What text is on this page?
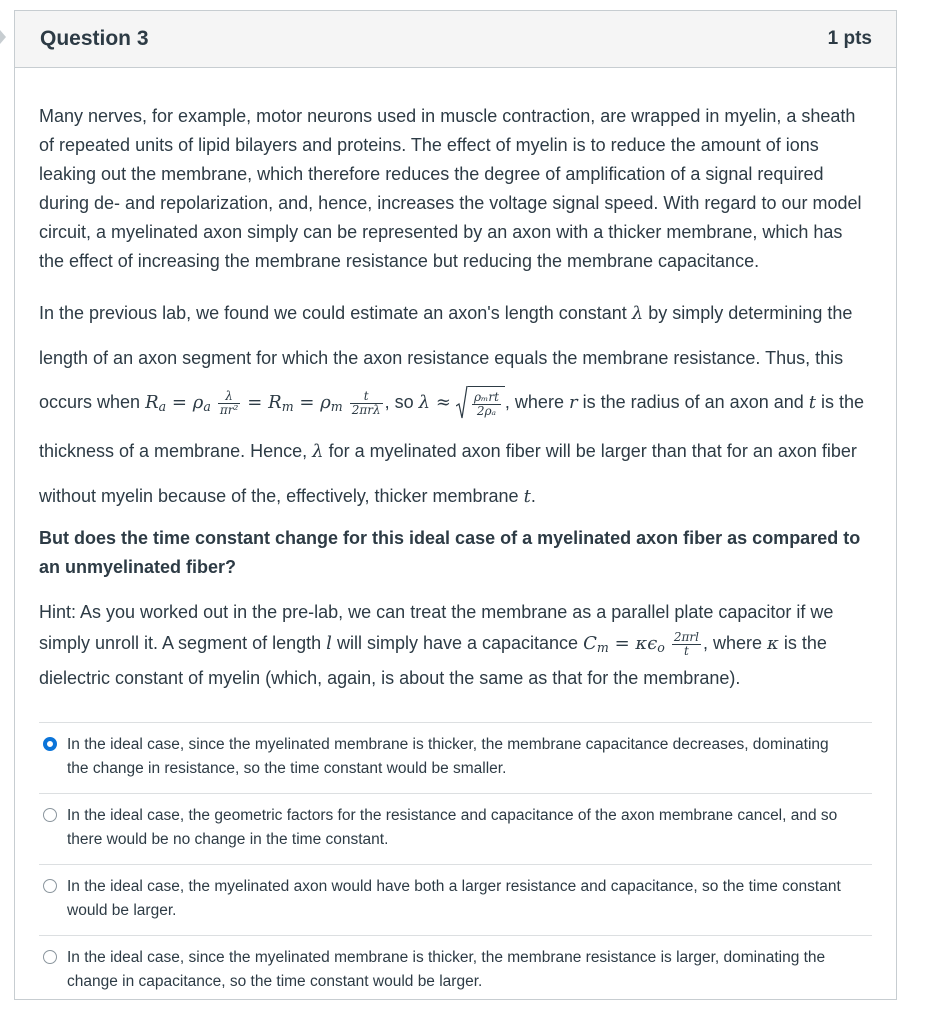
Question 3	1 pts

Many nerves, for example, motor neurons used in muscle contraction, are wrapped in myelin, a sheath of repeated units of lipid bilayers and proteins. The effect of myelin is to reduce the amount of ions leaking out the membrane, which therefore reduces the degree of amplification of a signal required during de- and repolarization, and, hence, increases the voltage signal speed. With regard to our model circuit, a myelinated axon simply can be represented by an axon with a thicker membrane, which has the effect of increasing the membrane resistance but reducing the membrane capacitance.

In the previous lab, we found we could estimate an axon's length constant λ by simply determining the length of an axon segment for which the axon resistance equals the membrane resistance. Thus, this occurs when $R_a = \rho_a \frac{\lambda}{\text{πr²}} = R_m = \rho_m \frac{t}{\text{2πrλ}}$ , so $\lambda \approx \frac{\text{ρₘrt}}{\text{2ρₐ}}$ , where r is the radius of an axon and t is the thickness of a membrane. Hence, λ for a myelinated axon fiber will be larger than that for an axon fiber without myelin because of the, effectively, thicker membrane t.

But does the time constant change for this ideal case of a myelinated axon fiber as compared to an unmyelinated fiber?

Hint: As you worked out in the pre-lab, we can treat the membrane as a parallel plate capacitor if we simply unroll it. A segment of length l will simply have a capacitance $C_m = \kappa\epsilon_o \frac{\text{2πrl}}{t}$ , where κ is the dielectric constant of myelin (which, again, is about the same as that for the membrane).

In the ideal case, since the myelinated membrane is thicker, the membrane capacitance decreases, dominating the change in resistance, so the time constant would be smaller.
In the ideal case, the geometric factors for the resistance and capacitance of the axon membrane cancel, and so there would be no change in the time constant.
In the ideal case, the myelinated axon would have both a larger resistance and capacitance, so the time constant would be larger.
In the ideal case, since the myelinated membrane is thicker, the membrane resistance is larger, dominating the change in capacitance, so the time constant would be larger.
